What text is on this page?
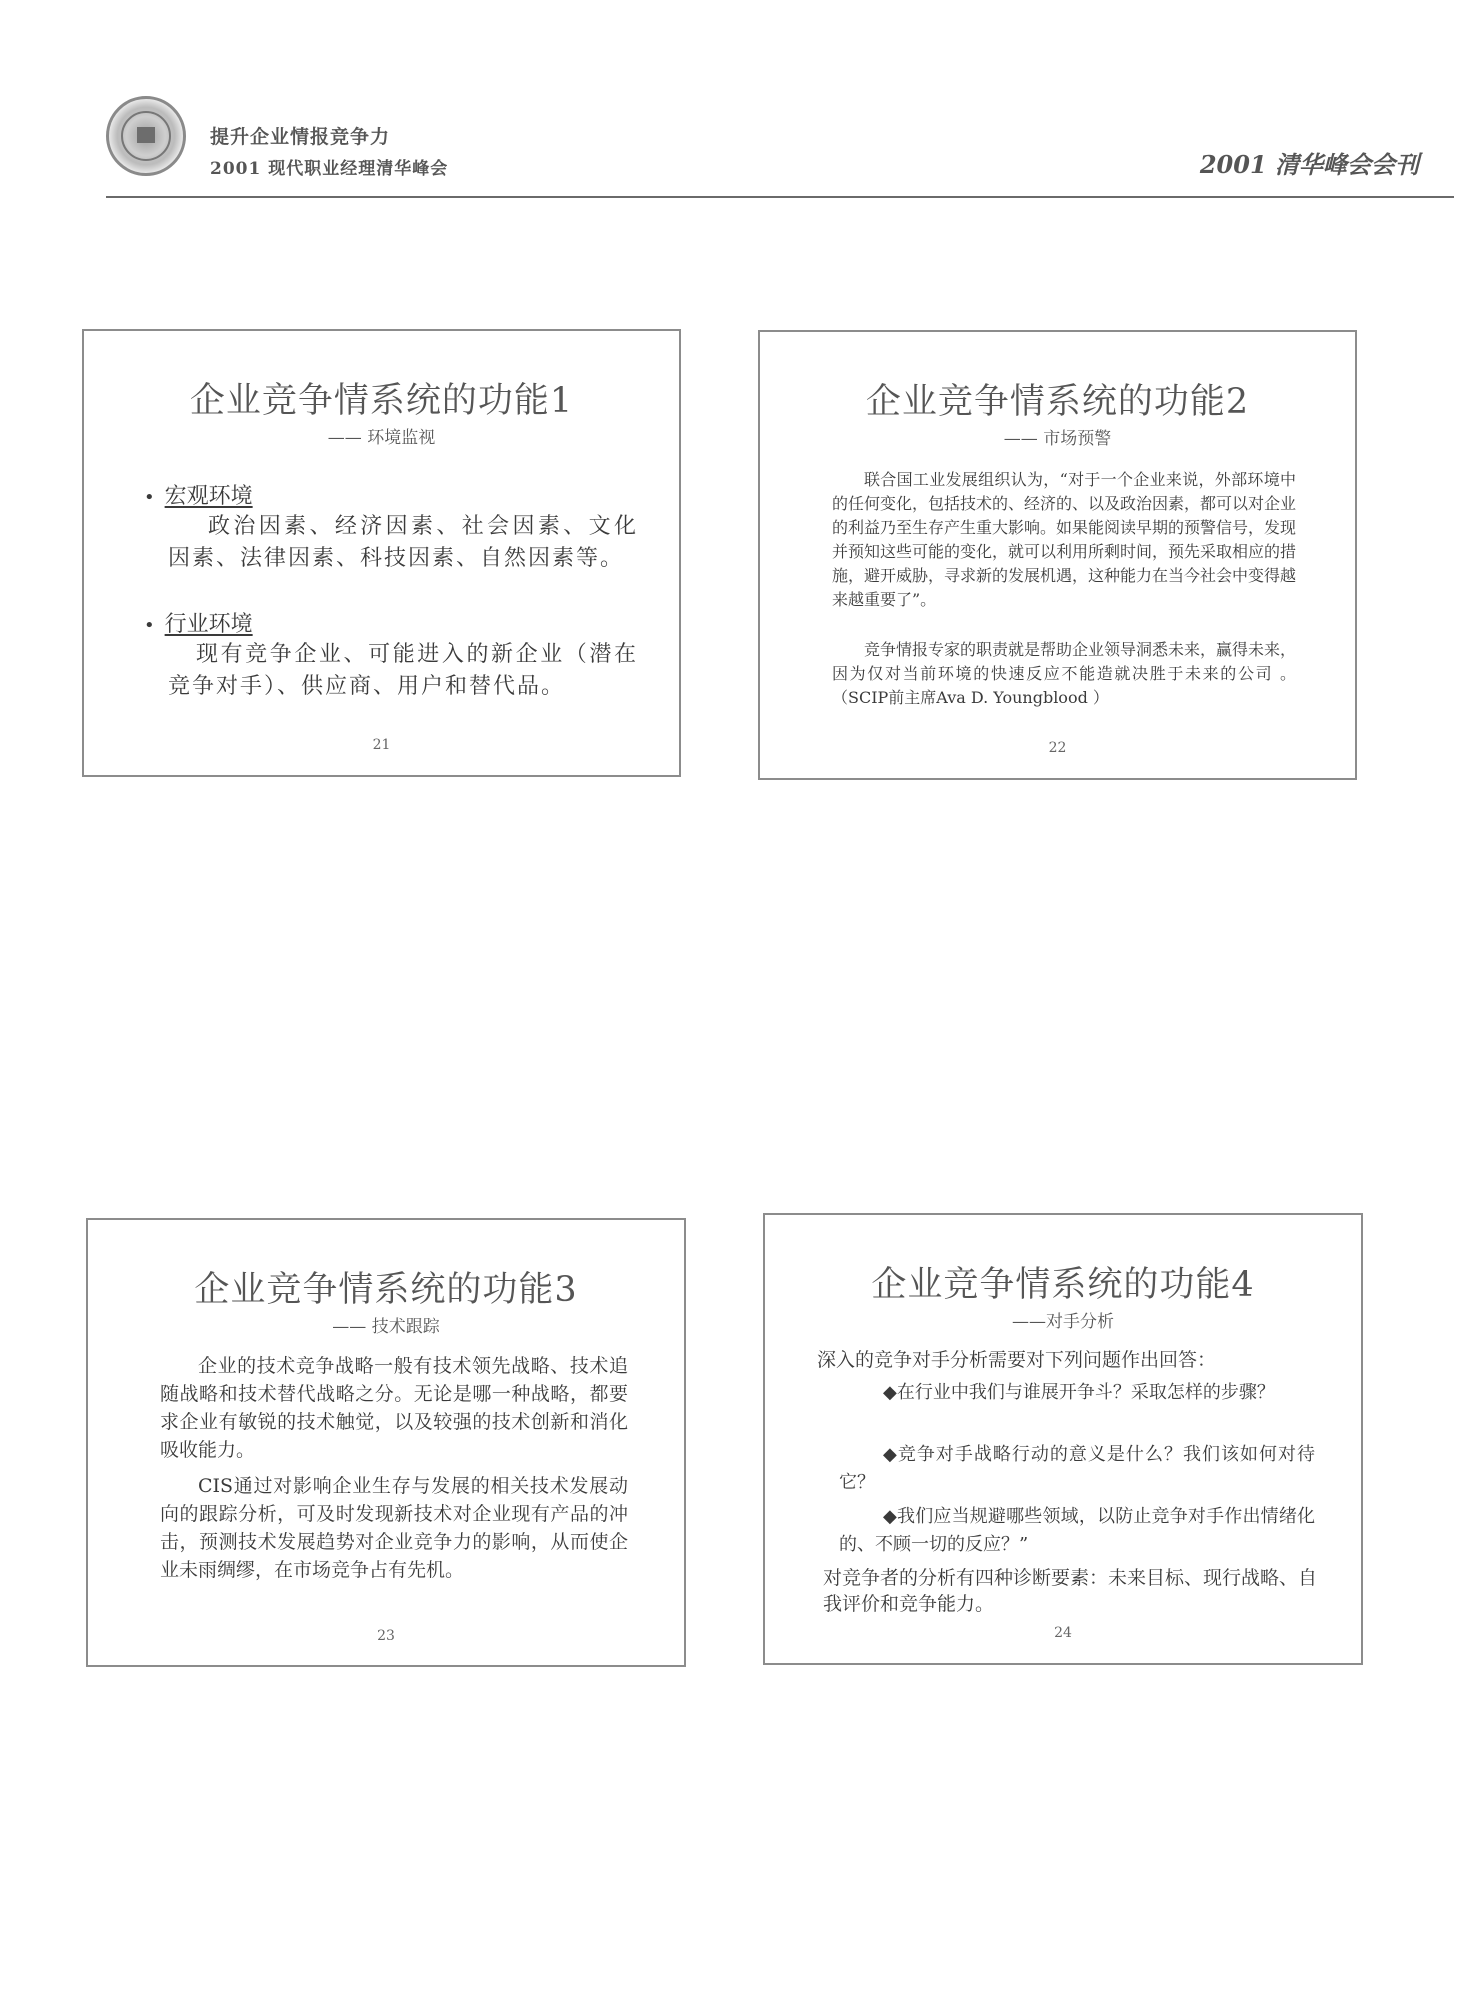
提升企业情报竞争力
2001 现代职业经理清华峰会	2001 清华峰会会刊
企业竞争情系统的功能1
—— 环境监视
• 宏观环境

政治因素、经济因素、社会因素、文化因素、法律因素、科技因素、自然因素等。

• 行业环境

现有竞争企业、可能进入的新企业（潜在竞争对手）、供应商、用户和替代品。

21
企业竞争情系统的功能2
—— 市场预警

联合国工业发展组织认为，“对于一个企业来说，外部环境中的任何变化，包括技术的、经济的、以及政治因素，都可以对企业的利益乃至生存产生重大影响。如果能阅读早期的预警信号，发现并预知这些可能的变化，就可以利用所剩时间，预先采取相应的措施，避开威胁，寻求新的发展机遇，这种能力在当今社会中变得越来越重要了”。

竞争情报专家的职责就是帮助企业领导洞悉未来，赢得未来，因为仅对当前环境的快速反应不能造就决胜于未来的公司 。（SCIP前主席Ava D. Youngblood ）

22
企业竞争情系统的功能3
—— 技术跟踪

企业的技术竞争战略一般有技术领先战略、技术追随战略和技术替代战略之分。无论是哪一种战略，都要求企业有敏锐的技术触觉，以及较强的技术创新和消化吸收能力。

CIS通过对影响企业生存与发展的相关技术发展动向的跟踪分析，可及时发现新技术对企业现有产品的冲击，预测技术发展趋势对企业竞争力的影响，从而使企业未雨绸缪，在市场竞争占有先机。

23
企业竞争情系统的功能4
——对手分析

深入的竞争对手分析需要对下列问题作出回答：

◆在行业中我们与谁展开争斗？采取怎样的步骤？

◆竞争对手战略行动的意义是什么？我们该如何对待它？

◆我们应当规避哪些领域，以防止竞争对手作出情绪化的、不顾一切的反应？”

对竞争者的分析有四种诊断要素：未来目标、现行战略、自我评价和竞争能力。

24
